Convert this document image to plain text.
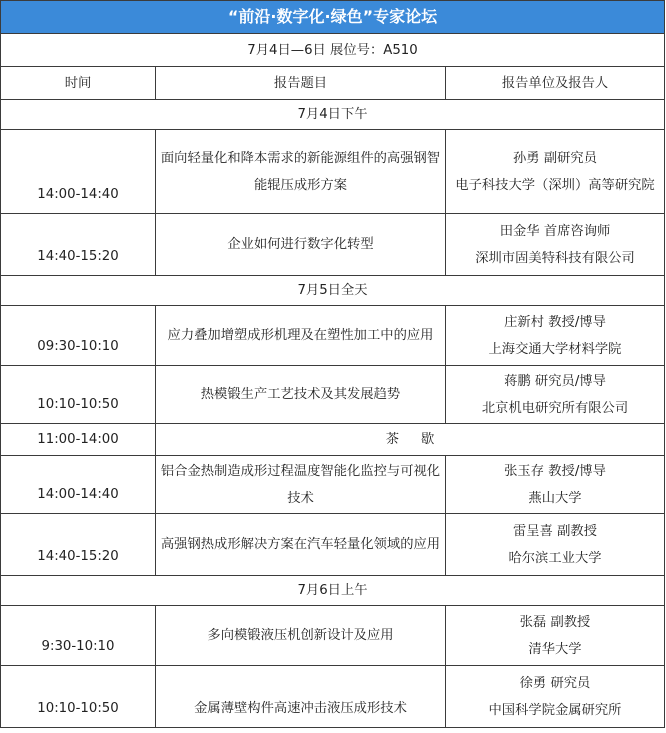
“前沿·数字化·绿色”专家论坛		
7月4日—6日 展位号：A510		
时间	报告题目	报告单位及报告人
7月4日下午		
14:00-14:40	面向轻量化和降本需求的新能源组件的高强钢智能辊压成形方案	孙勇 副研究员
电子科技大学（深圳）高等研究院

14:40-15:20	企业如何进行数字化转型	田金华 首席咨询师
深圳市固美特科技有限公司

7月5日全天		
09:30-10:10	应力叠加增塑成形机理及在塑性加工中的应用	庄新村 教授/博导
上海交通大学材料学院

10:10-10:50	热模锻生产工艺技术及其发展趋势	蒋鹏 研究员/博导
北京机电研究所有限公司

11:00-14:00	茶歇	
14:00-14:40	铝合金热制造成形过程温度智能化监控与可视化技术	张玉存 教授/博导
燕山大学

14:40-15:20	高强钢热成形解决方案在汽车轻量化领域的应用	雷呈喜 副教授
哈尔滨工业大学

7月6日上午		
9:30-10:10	多向模锻液压机创新设计及应用	张磊 副教授
清华大学

10:10-10:50	金属薄壁构件高速冲击液压成形技术	徐勇 研究员
中国科学院金属研究所
